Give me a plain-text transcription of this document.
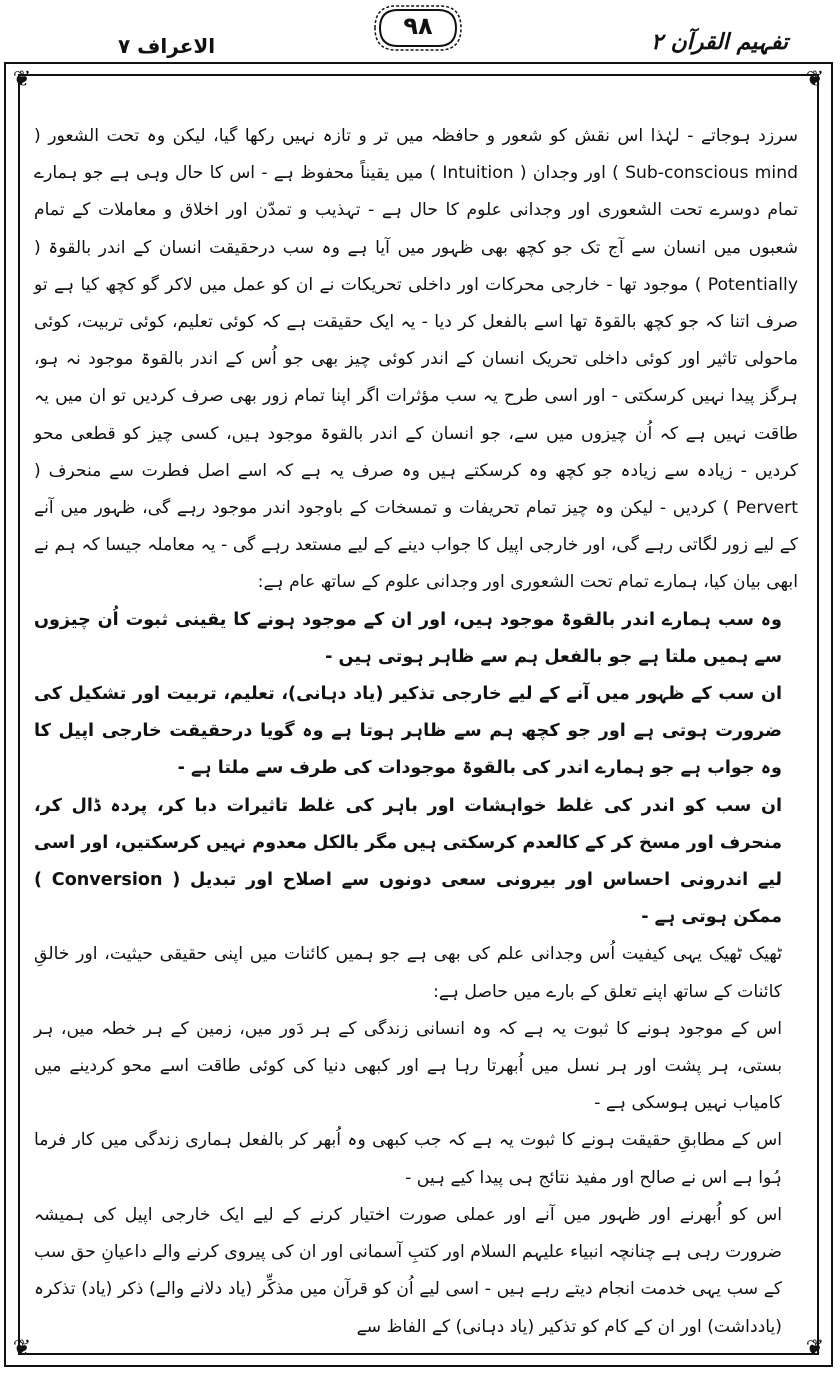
الاعراف ۷
۹۸
تفہیم القرآن ۲
❦	❦
❦	❦

سرزد ہوجاتے - لہٰذا اس نقش کو شعور و حافظہ میں تر و تازہ نہیں رکھا گیا، لیکن وہ تحت الشعور ( Sub-conscious mind ) اور وجدان ( Intuition ) میں یقیناً محفوظ ہے - اس کا حال وہی ہے جو ہمارے تمام دوسرے تحت الشعوری اور وجدانی علوم کا حال ہے - تہذیب و تمدّن اور اخلاق و معاملات کے تمام شعبوں میں انسان سے آج تک جو کچھ بھی ظہور میں آیا ہے وہ سب درحقیقت انسان کے اندر بالقوۃ ( Potentially ) موجود تھا - خارجی محرکات اور داخلی تحریکات نے ان کو عمل میں لاکر گو کچھ کیا ہے تو صرف اتنا کہ جو کچھ بالقوۃ تھا اسے بالفعل کر دیا - یہ ایک حقیقت ہے کہ کوئی تعلیم، کوئی تربیت، کوئی ماحولی تاثیر اور کوئی داخلی تحریک انسان کے اندر کوئی چیز بھی جو اُس کے اندر بالقوۃ موجود نہ ہو، ہرگز پیدا نہیں کرسکتی - اور اسی طرح یہ سب مؤثرات اگر اپنا تمام زور بھی صرف کردیں تو ان میں یہ طاقت نہیں ہے کہ اُن چیزوں میں سے، جو انسان کے اندر بالقوۃ موجود ہیں، کسی چیز کو قطعی محو کردیں - زیادہ سے زیادہ جو کچھ وہ کرسکتے ہیں وہ صرف یہ ہے کہ اسے اصل فطرت سے منحرف ( Pervert ) کردیں - لیکن وہ چیز تمام تحریفات و تمسخات کے باوجود اندر موجود رہے گی، ظہور میں آنے کے لیے زور لگاتی رہے گی، اور خارجی اپیل کا جواب دینے کے لیے مستعد رہے گی - یہ معاملہ جیسا کہ ہم نے ابھی بیان کیا، ہمارے تمام تحت الشعوری اور وجدانی علوم کے ساتھ عام ہے:

وہ سب ہمارے اندر بالقوۃ موجود ہیں، اور ان کے موجود ہونے کا یقینی ثبوت اُن چیزوں سے ہمیں ملتا ہے جو بالفعل ہم سے ظاہر ہوتی ہیں -

ان سب کے ظہور میں آنے کے لیے خارجی تذکیر (یاد دہانی)، تعلیم، تربیت اور تشکیل کی ضرورت ہوتی ہے اور جو کچھ ہم سے ظاہر ہوتا ہے وہ گویا درحقیقت خارجی اپیل کا وہ جواب ہے جو ہمارے اندر کی بالقوۃ موجودات کی طرف سے ملتا ہے -

ان سب کو اندر کی غلط خواہشات اور باہر کی غلط تاثیرات دبا کر، پردہ ڈال کر، منحرف اور مسخ کر کے کالعدم کرسکتی ہیں مگر بالکل معدوم نہیں کرسکتیں، اور اسی لیے اندرونی احساس اور بیرونی سعی دونوں سے اصلاح اور تبدیل ( Conversion ) ممکن ہوتی ہے -

ٹھیک ٹھیک یہی کیفیت اُس وجدانی علم کی بھی ہے جو ہمیں کائنات میں اپنی حقیقی حیثیت، اور خالقِ کائنات کے ساتھ اپنے تعلق کے بارے میں حاصل ہے:

اس کے موجود ہونے کا ثبوت یہ ہے کہ وہ انسانی زندگی کے ہر دَور میں، زمین کے ہر خطہ میں، ہر بستی، ہر پشت اور ہر نسل میں اُبھرتا رہا ہے اور کبھی دنیا کی کوئی طاقت اسے محو کردینے میں کامیاب نہیں ہوسکی ہے -

اس کے مطابقِ حقیقت ہونے کا ثبوت یہ ہے کہ جب کبھی وہ اُبھر کر بالفعل ہماری زندگی میں کار فرما ہُوا ہے اس نے صالح اور مفید نتائج ہی پیدا کیے ہیں -

اس کو اُبھرنے اور ظہور میں آنے اور عملی صورت اختیار کرنے کے لیے ایک خارجی اپیل کی ہمیشہ ضرورت رہی ہے چنانچہ انبیاء علیہم السلام اور کتبِ آسمانی اور ان کی پیروی کرنے والے داعیانِ حق سب کے سب یہی خدمت انجام دیتے رہے ہیں - اسی لیے اُن کو قرآن میں مذکِّر (یاد دلانے والے) ذکر (یاد) تذکرہ (یادداشت) اور ان کے کام کو تذکیر (یاد دہانی) کے الفاظ سے
